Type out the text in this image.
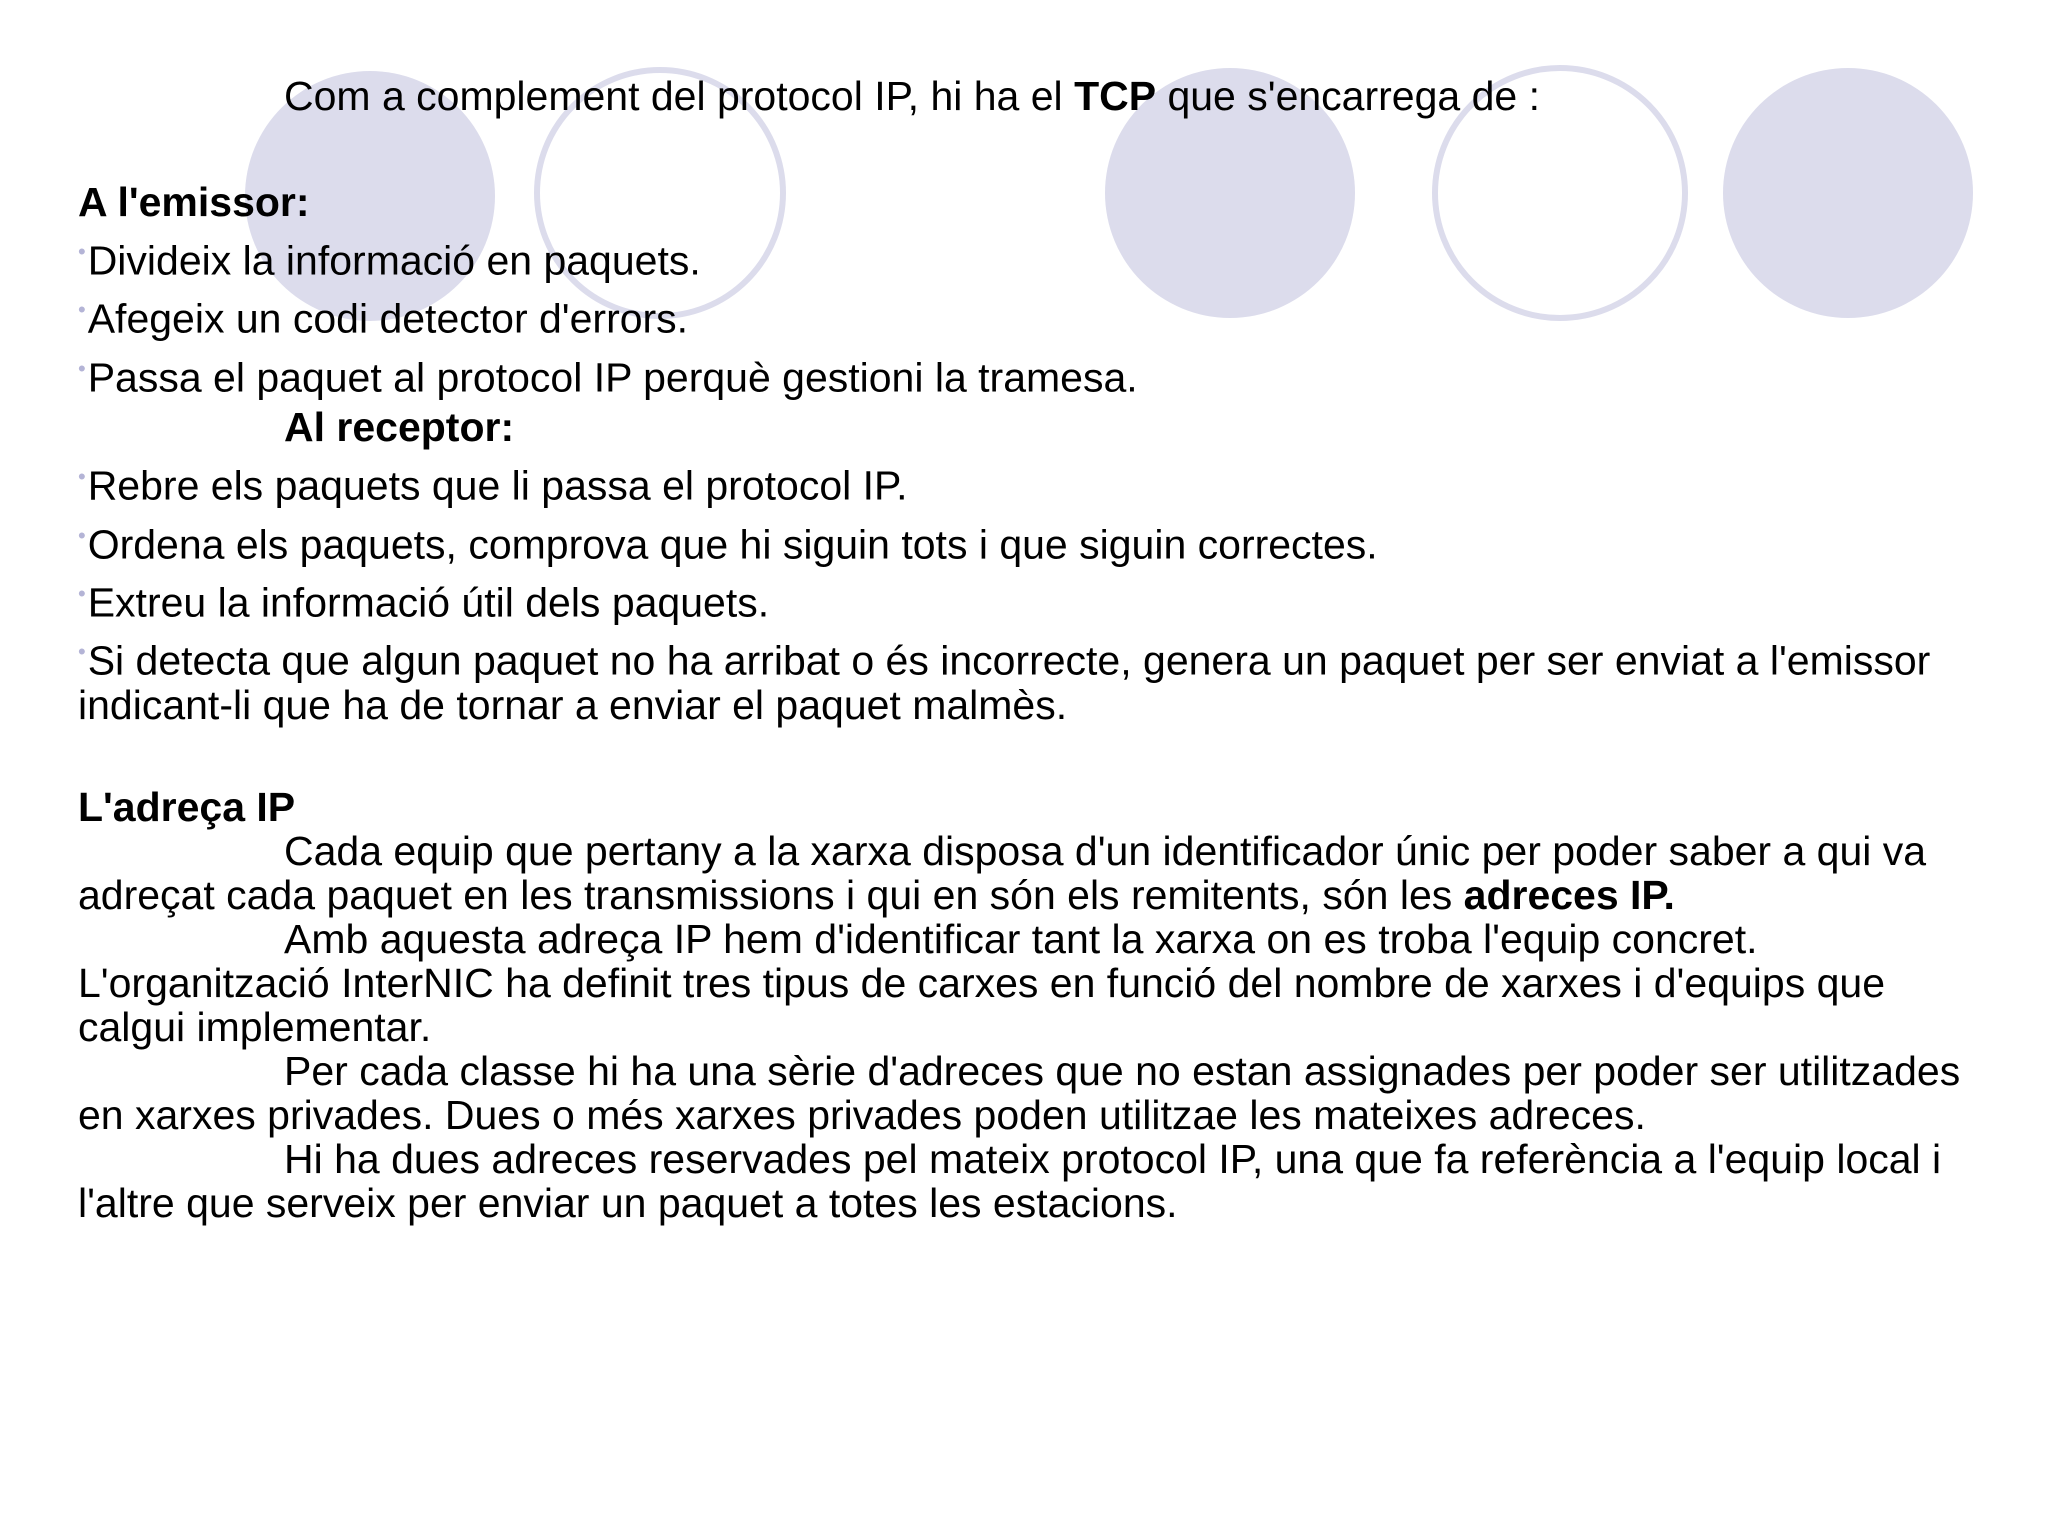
Com a complement del protocol IP, hi ha el TCP que s'encarrega de :

A l'emissor:

•Divideix la informació en paquets.

•Afegeix un codi detector d'errors.

•Passa el paquet al protocol IP perquè gestioni la tramesa.

Al receptor:

•Rebre els paquets que li passa el protocol IP.

•Ordena els paquets, comprova que hi siguin tots i que siguin correctes.

•Extreu la informació útil dels paquets.

•Si detecta que algun paquet no ha arribat o és incorrecte, genera un paquet per ser enviat a l'emissor indicant-li que ha de tornar a enviar el paquet malmès.

L'adreça IP

Cada equip que pertany a la xarxa disposa d'un identificador únic per poder saber a qui va adreçat cada paquet en les transmissions i qui en són els remitents, són les adreces IP.

Amb aquesta adreça IP hem d'identificar tant la xarxa on es troba l'equip concret. L'organització InterNIC ha definit tres tipus de carxes en funció del nombre de xarxes i d'equips que calgui implementar.

Per cada classe hi ha una sèrie d'adreces que no estan assignades per poder ser utilitzades en xarxes privades. Dues o més xarxes privades poden utilitzae les mateixes adreces.

Hi ha dues adreces reservades pel mateix protocol IP, una que fa referència a l'equip local i l'altre que serveix per enviar un paquet a totes les estacions.
